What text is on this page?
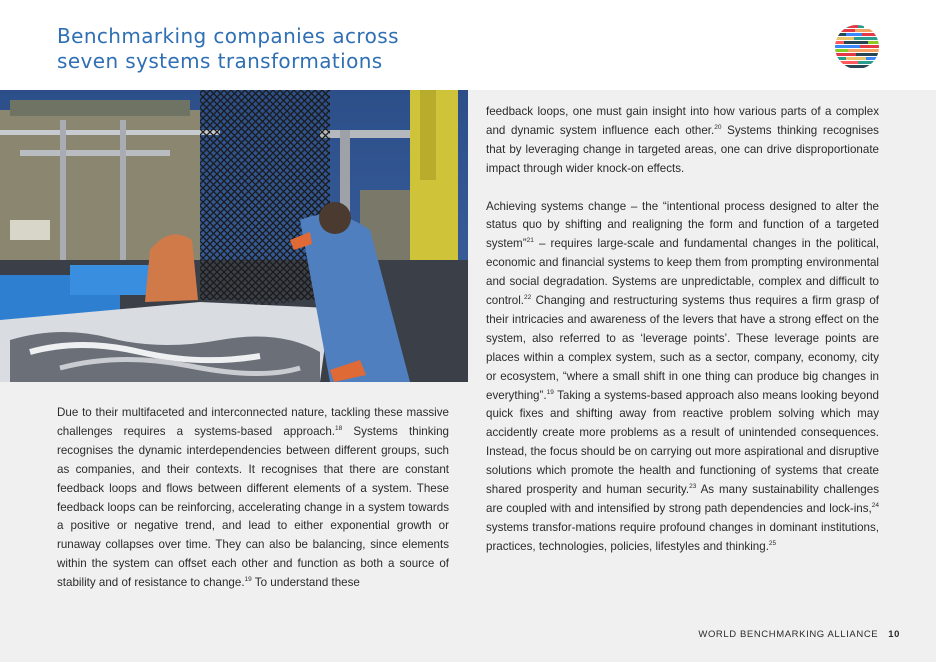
Benchmarking companies across
seven systems transformations

Due to their multifaceted and interconnected nature, tackling these massive challenges requires a systems-based approach.$^{18}$ Systems thinking recognises the dynamic interdependencies between different groups, such as companies, and their contexts. It recognises that there are constant feedback loops and flows between different elements of a system. These feedback loops can be reinforcing, accelerating change in a system towards a positive or negative trend, and lead to either exponential growth or runaway collapses over time. They can also be balancing, since elements within the system can offset each other and function as both a source of stability and of resistance to change.$^{19}$ To understand these

feedback loops, one must gain insight into how various parts of a complex and dynamic system influence each other.$^{20}$ Systems thinking recognises that by leveraging change in targeted areas, one can drive disproportionate impact through wider knock-on effects.

Achieving systems change – the “intentional process designed to alter the status quo by shifting and realigning the form and function of a targeted system”$^{21}$ – requires large-scale and fundamental changes in the political, economic and financial systems to keep them from prompting environmental and social degradation. Systems are unpredictable, complex and difficult to control.$^{22}$ Changing and restructuring systems thus requires a firm grasp of their intricacies and awareness of the levers that have a strong effect on the system, also referred to as ‘leverage points’. These leverage points are places within a complex system, such as a sector, company, economy, city or ecosystem, “where a small shift in one thing can produce big changes in everything”.$^{19}$ Taking a systems-based approach also means looking beyond quick fixes and shifting away from reactive problem solving which may accidently create more problems as a result of unintended consequences. Instead, the focus should be on carrying out more aspirational and disruptive solutions which promote the health and functioning of systems that create shared prosperity and human security.$^{23}$ As many sustainability challenges are coupled with and intensified by strong path dependencies and lock-ins,$^{24}$ systems transfor-mations require profound changes in dominant institutions, practices, technologies, policies, lifestyles and thinking.$^{25}$

WORLD BENCHMARKING ALLIANCE 10
